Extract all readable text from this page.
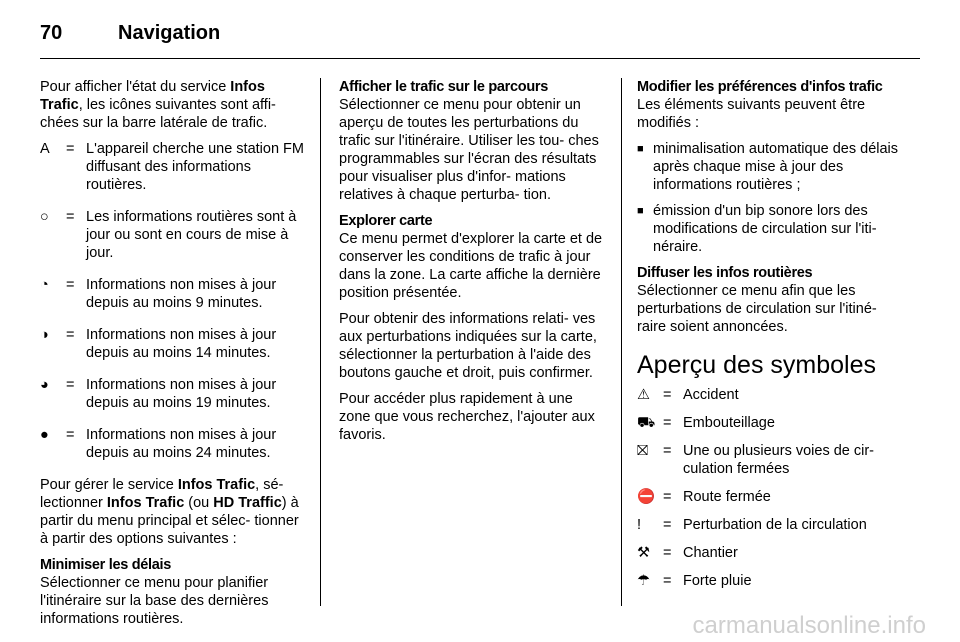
70	Navigation

Pour afficher l'état du service Infos Trafic, les icônes suivantes sont affi- chées sur la barre latérale de trafic.

A	= L'appareil cherche une station FM diffusant des informations routières.
○	= Les informations routières sont à jour ou sont en cours de mise à jour.
◔	= Informations non mises à jour depuis au moins 9 minutes.
◑	= Informations non mises à jour depuis au moins 14 minutes.
◕	= Informations non mises à jour depuis au moins 19 minutes.
●	= Informations non mises à jour depuis au moins 24 minutes.

Pour gérer le service Infos Trafic, sé- lectionner Infos Trafic (ou HD Traffic) à partir du menu principal et sélec- tionner à partir des options suivantes :

Minimiser les délais
Sélectionner ce menu pour planifier l'itinéraire sur la base des dernières informations routières.
Afficher le trafic sur le parcours
Sélectionner ce menu pour obtenir un aperçu de toutes les perturbations du trafic sur l'itinéraire. Utiliser les tou- ches programmables sur l'écran des résultats pour visualiser plus d'infor- mations relatives à chaque perturba- tion.
Explorer carte

Ce menu permet d'explorer la carte et de conserver les conditions de trafic à jour dans la zone. La carte affiche la dernière position présentée.

Pour obtenir des informations relati- ves aux perturbations indiquées sur la carte, sélectionner la perturbation à l'aide des boutons gauche et droit, puis confirmer.

Pour accéder plus rapidement à une zone que vous recherchez, l'ajouter aux favoris.

Modifier les préférences d'infos trafic

Les éléments suivants peuvent être modifiés :

■ minimalisation automatique des délais après chaque mise à jour des informations routières ;
■ émission d'un bip sonore lors des modifications de circulation sur l'iti- néraire.
Diffuser les infos routières
Sélectionner ce menu afin que les perturbations de circulation sur l'itiné- raire soient annoncées.
Aperçu des symboles
⚠ = Accident
⛟ = Embouteillage
⛝	= Une ou plusieurs voies de cir- culation fermées
⛔ = Route fermée
!	= Perturbation de la circulation
⚒ = Chantier
☂ = Forte pluie
carmanualsonline.info
